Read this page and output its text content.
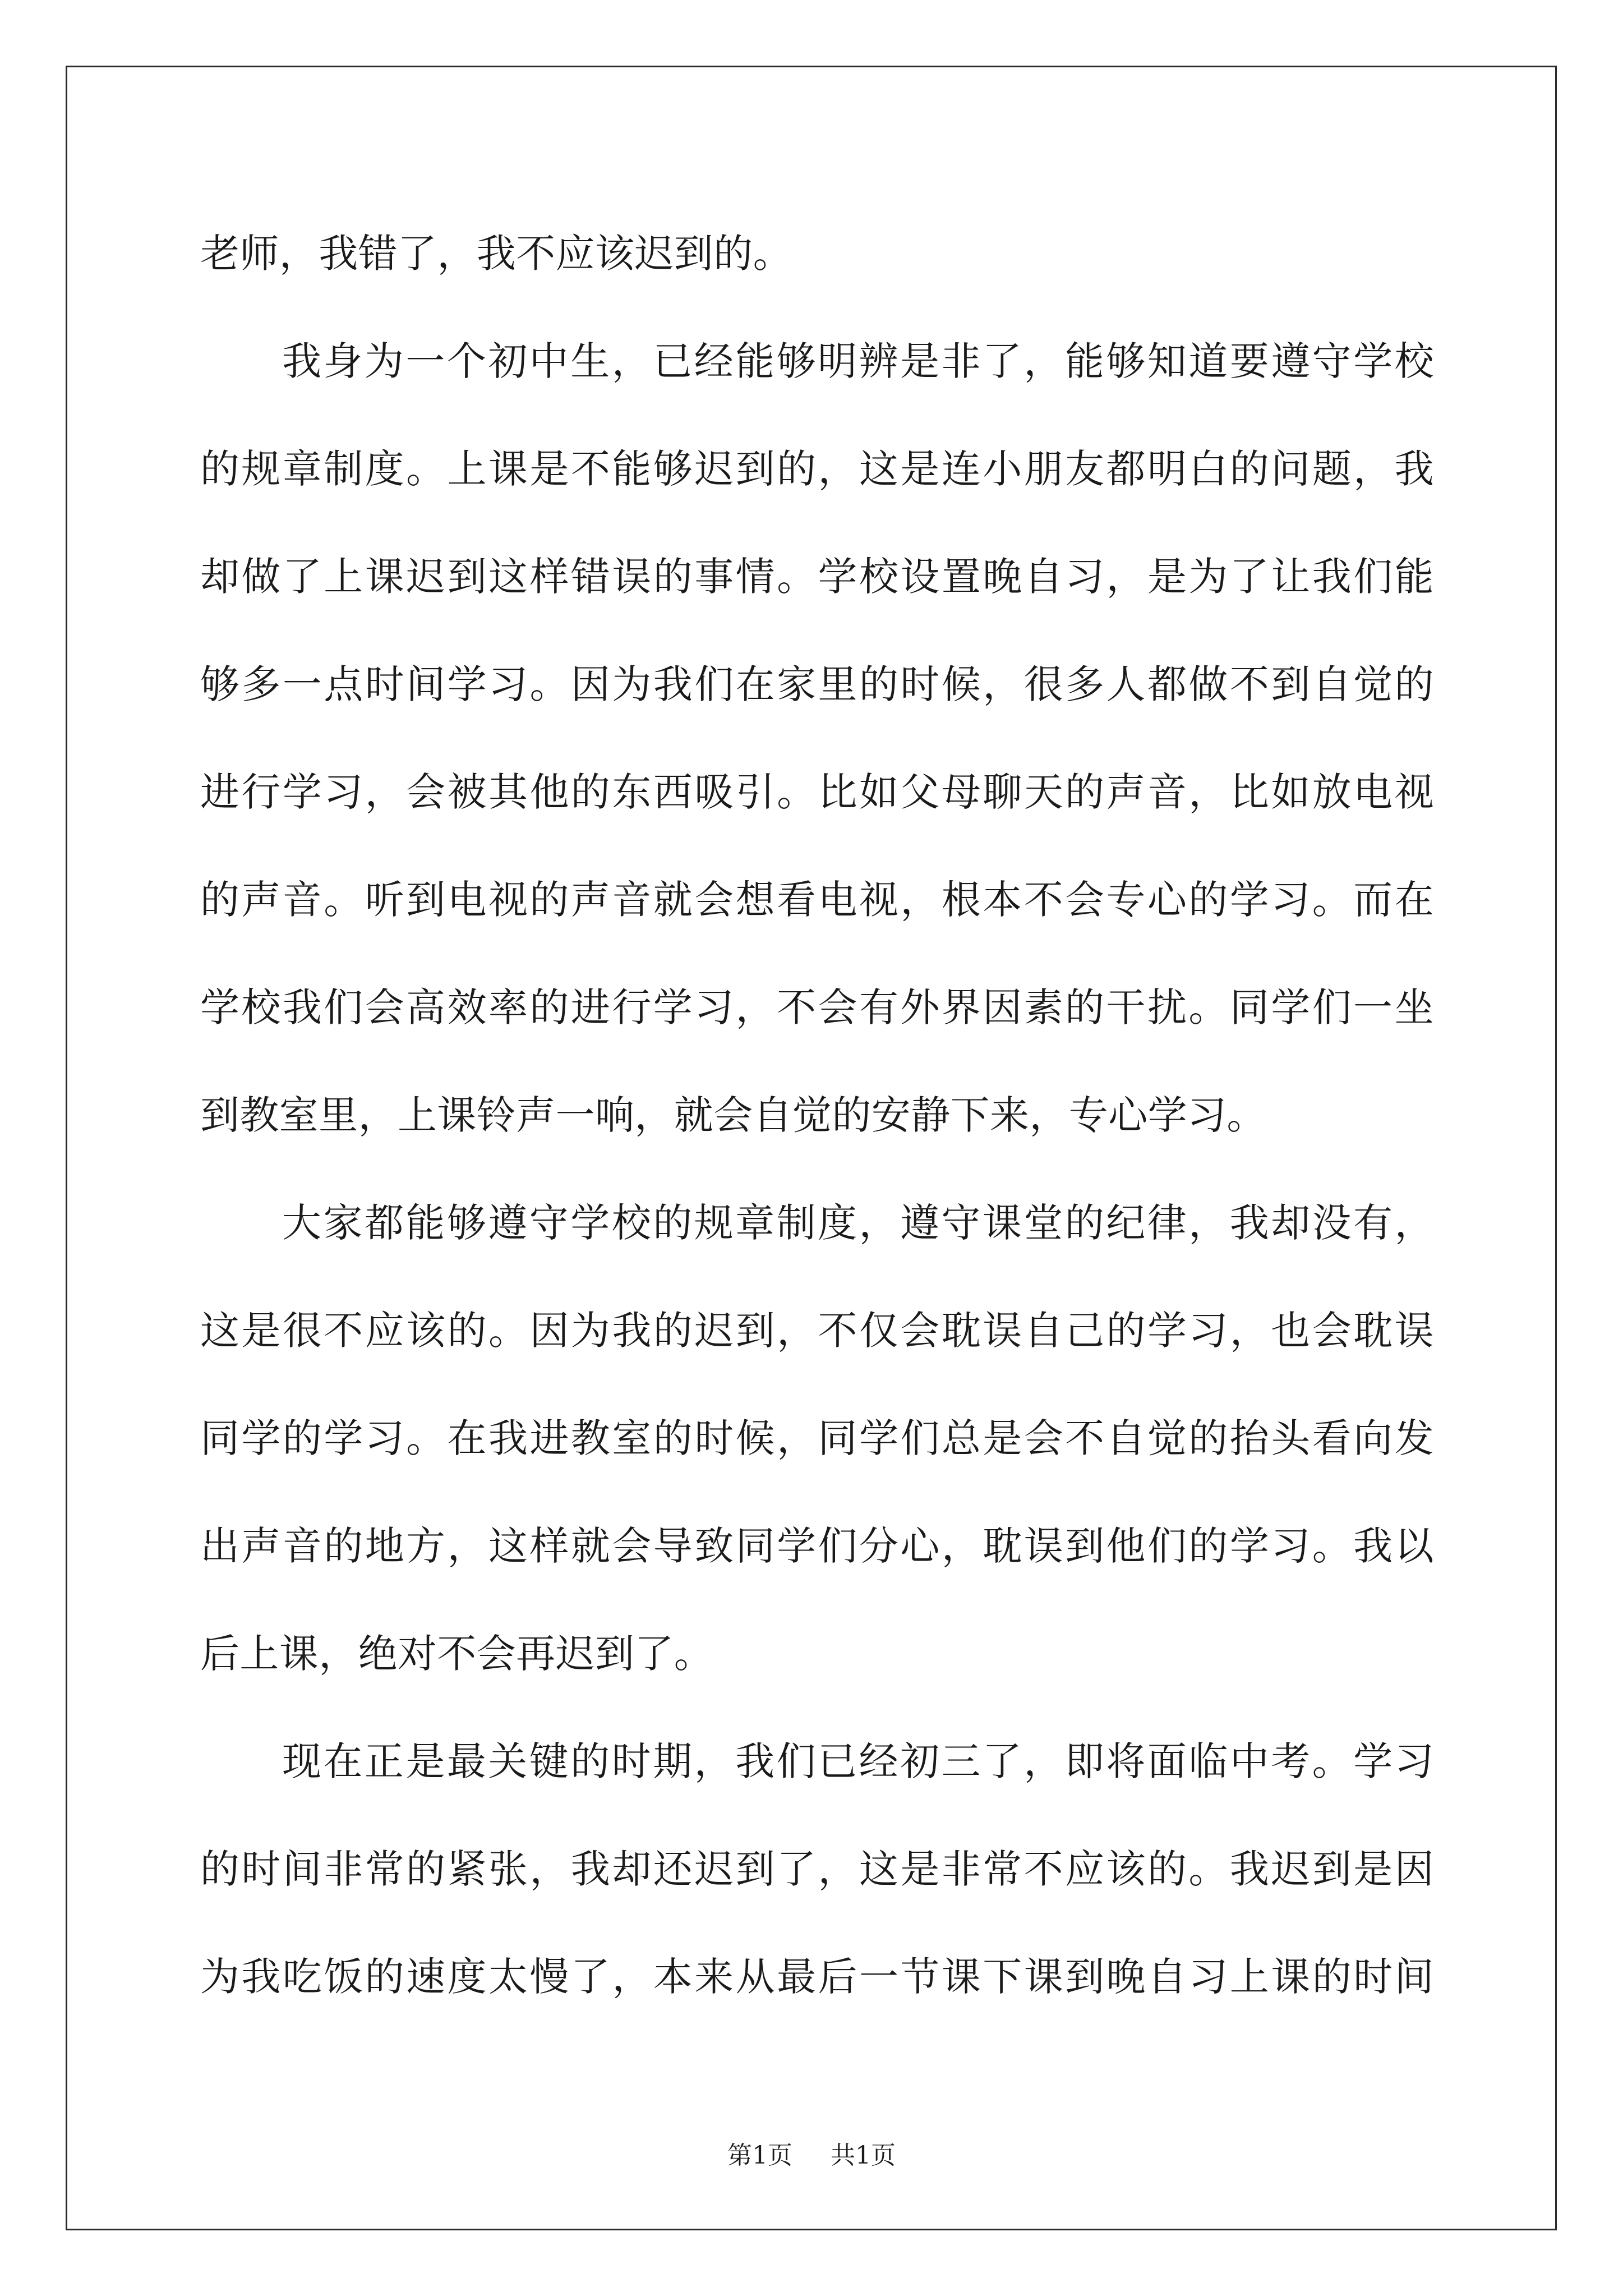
老师，我错了，我不应该迟到的。
我身为一个初中生，已经能够明辨是非了，能够知道要遵守学校
的规章制度。上课是不能够迟到的，这是连小朋友都明白的问题，我
却做了上课迟到这样错误的事情。学校设置晚自习，是为了让我们能
够多一点时间学习。因为我们在家里的时候，很多人都做不到自觉的
进行学习，会被其他的东西吸引。比如父母聊天的声音，比如放电视
的声音。听到电视的声音就会想看电视，根本不会专心的学习。而在
学校我们会高效率的进行学习，不会有外界因素的干扰。同学们一坐
到教室里，上课铃声一响，就会自觉的安静下来，专心学习。
大家都能够遵守学校的规章制度，遵守课堂的纪律，我却没有，
这是很不应该的。因为我的迟到，不仅会耽误自己的学习，也会耽误
同学的学习。在我进教室的时候，同学们总是会不自觉的抬头看向发
出声音的地方，这样就会导致同学们分心，耽误到他们的学习。我以
后上课，绝对不会再迟到了。
现在正是最关键的时期，我们已经初三了，即将面临中考。学习
的时间非常的紧张，我却还迟到了，这是非常不应该的。我迟到是因
为我吃饭的速度太慢了，本来从最后一节课下课到晚自习上课的时间
第1页 共1页
